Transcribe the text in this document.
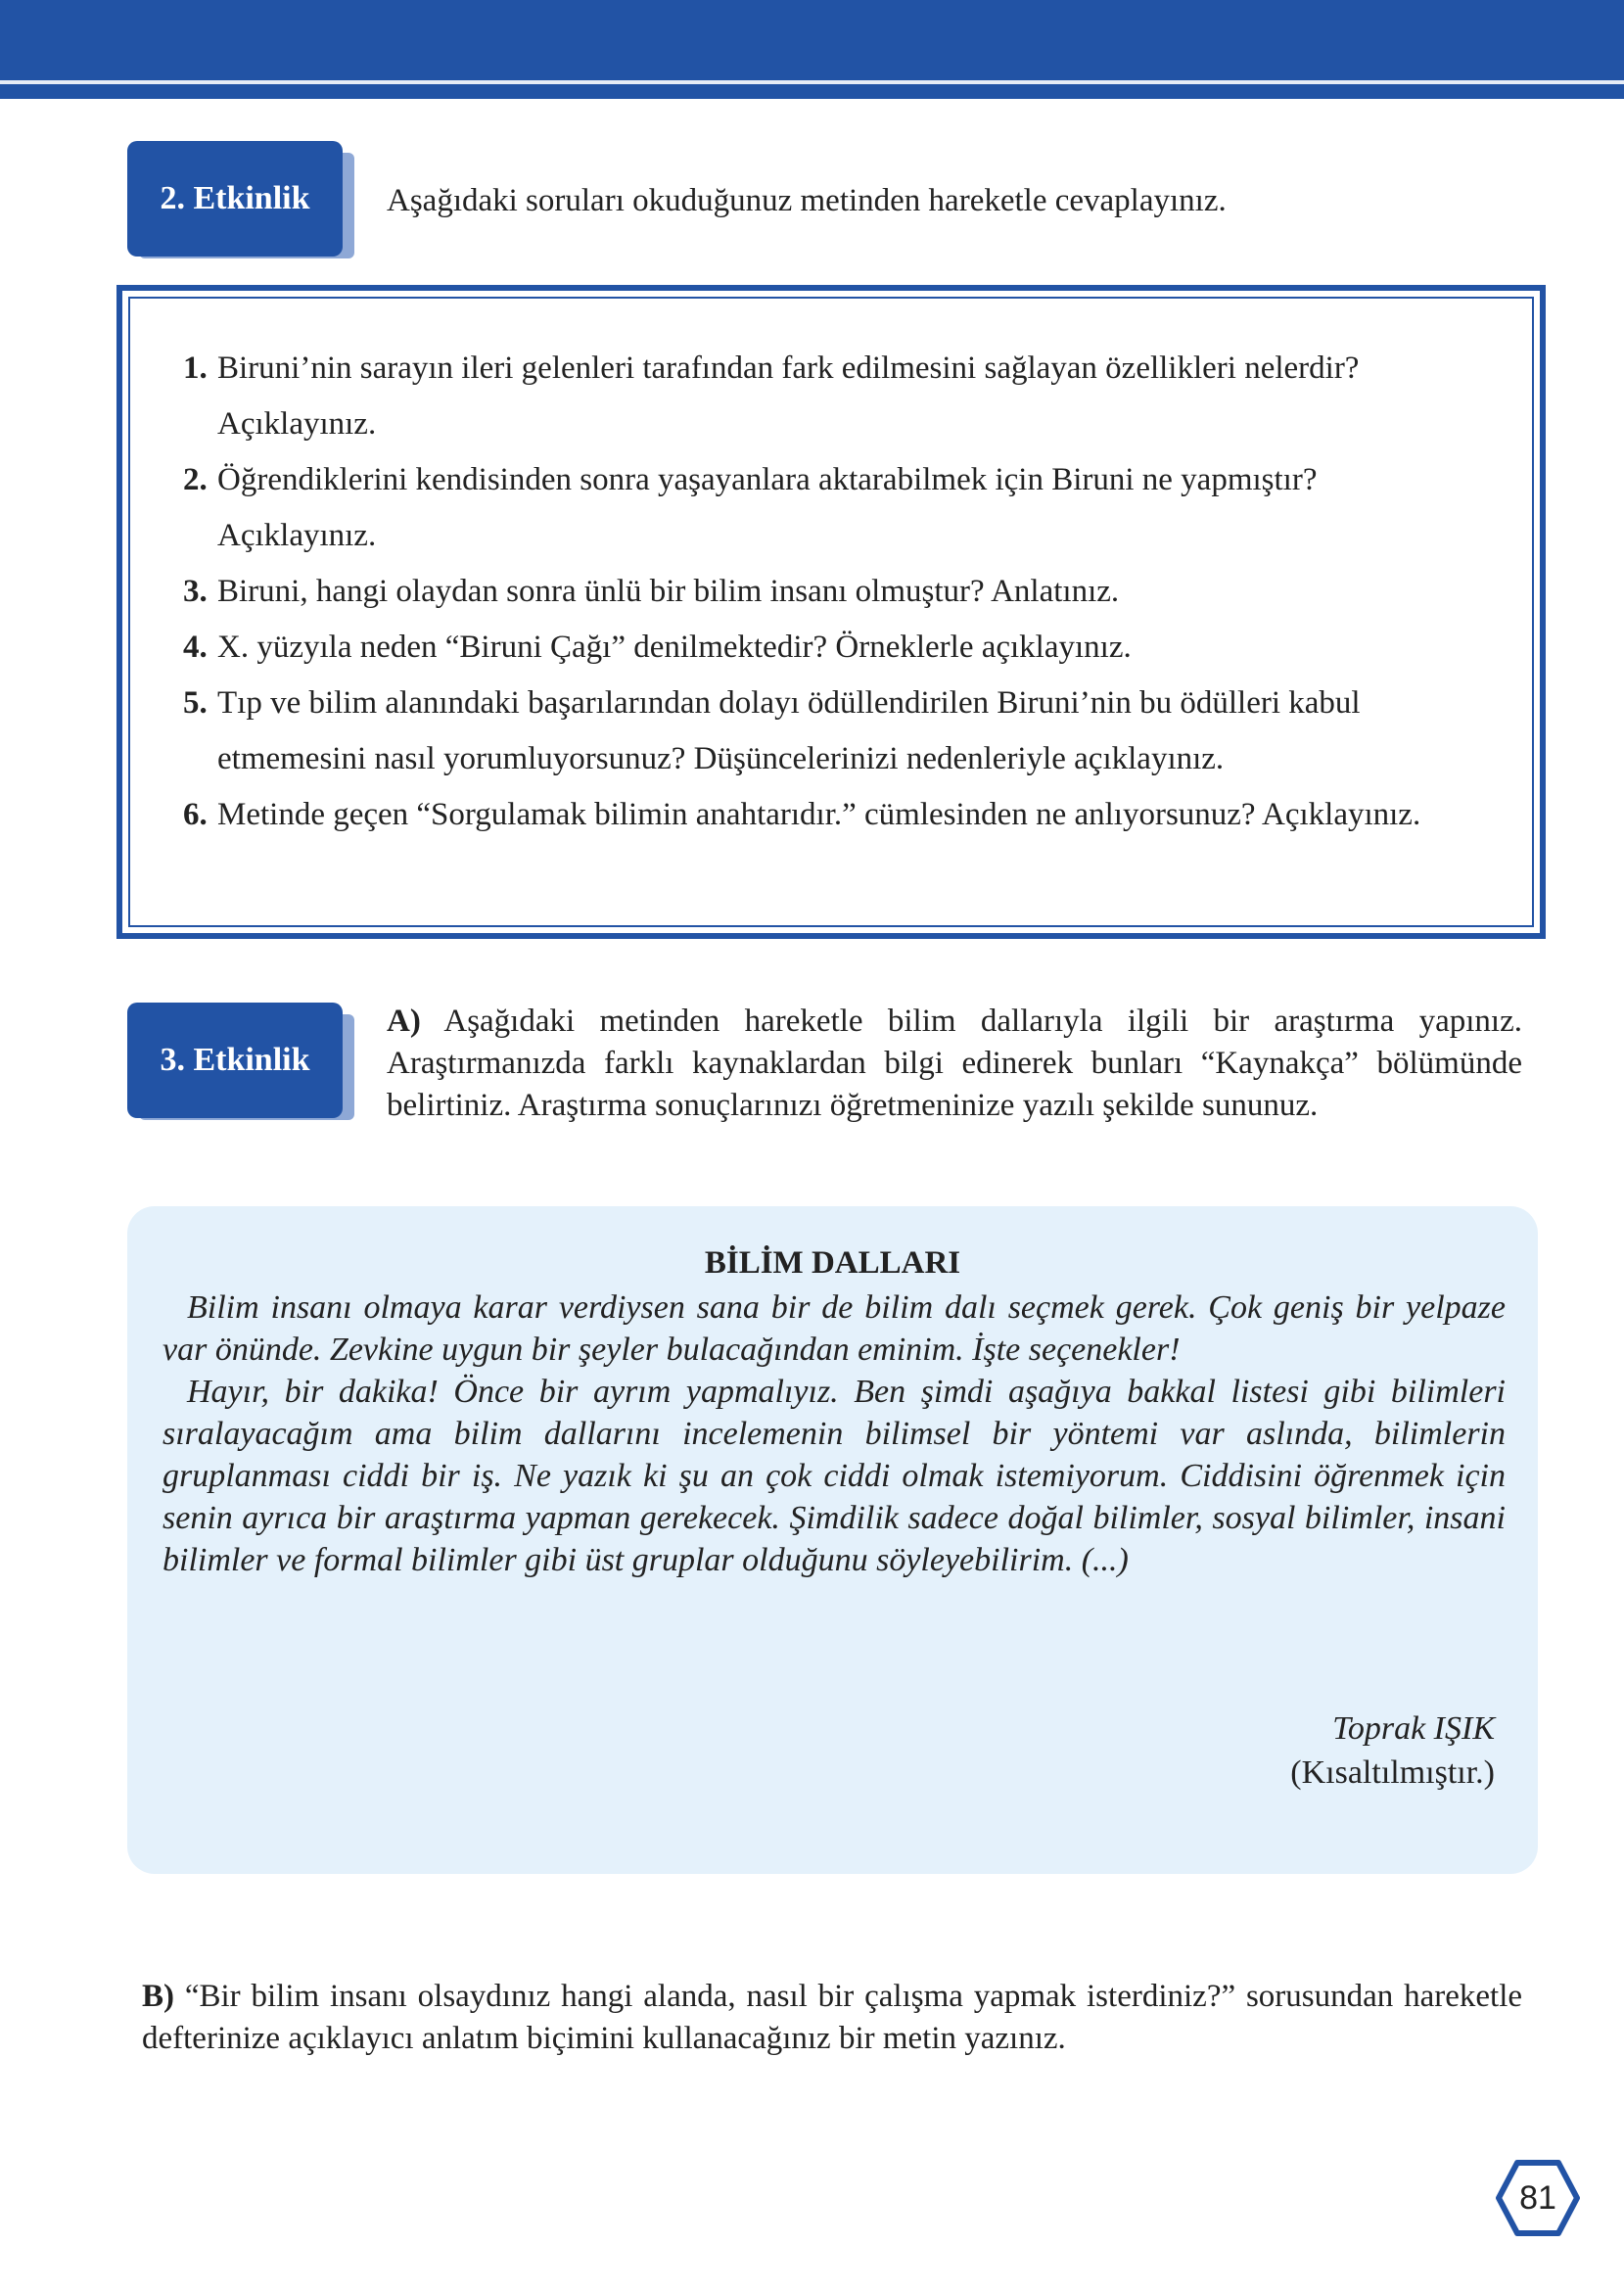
2. Etkinlik	Aşağıdaki soruları okuduğunuz metinden hareketle cevaplayınız.
1. Biruni’nin sarayın ileri gelenleri tarafından fark edilmesini sağlayan özellikleri nelerdir? Açıklayınız.
2. Öğrendiklerini kendisinden sonra yaşayanlara aktarabilmek için Biruni ne yapmıştır? Açıklayınız.
3. Biruni, hangi olaydan sonra ünlü bir bilim insanı olmuştur? Anlatınız.
4. X. yüzyıla neden “Biruni Çağı” denilmektedir? Örneklerle açıklayınız.
5. Tıp ve bilim alanındaki başarılarından dolayı ödüllendirilen Biruni’nin bu ödülleri kabul etmemesini nasıl yorumluyorsunuz? Düşüncelerinizi nedenleriyle açıklayınız.
6. Metinde geçen “Sorgulamak bilimin anahtarıdır.” cümlesinden ne anlıyorsunuz? Açıklayınız.
3. Etkinlik
A) Aşağıdaki metinden hareketle bilim dallarıyla ilgili bir araştırma yapınız. Araştırmanızda farklı kaynaklardan bilgi edinerek bunları “Kaynakça” bölümünde belirtiniz. Araştırma sonuçlarınızı öğretmeninize yazılı şekilde sununuz.
BİLİM DALLARI

Bilim insanı olmaya karar verdiysen sana bir de bilim dalı seçmek gerek. Çok geniş bir yelpaze var önünde. Zevkine uygun bir şeyler bulacağından eminim. İşte seçenekler!

Hayır, bir dakika! Önce bir ayrım yapmalıyız. Ben şimdi aşağıya bakkal listesi gibi bilimleri sıralayacağım ama bilim dallarını incelemenin bilimsel bir yöntemi var aslında, bilimlerin gruplanması ciddi bir iş. Ne yazık ki şu an çok ciddi olmak istemiyorum. Ciddisini öğrenmek için senin ayrıca bir araştırma yapman gerekecek. Şimdilik sadece doğal bilimler, sosyal bilimler, insani bilimler ve formal bilimler gibi üst gruplar olduğunu söyleyebilirim. (...)

Toprak IŞIK
(Kısaltılmıştır.)
B) “Bir bilim insanı olsaydınız hangi alanda, nasıl bir çalışma yapmak isterdiniz?” sorusundan hareketle defterinize açıklayıcı anlatım biçimini kullanacağınız bir metin yazınız.
81
